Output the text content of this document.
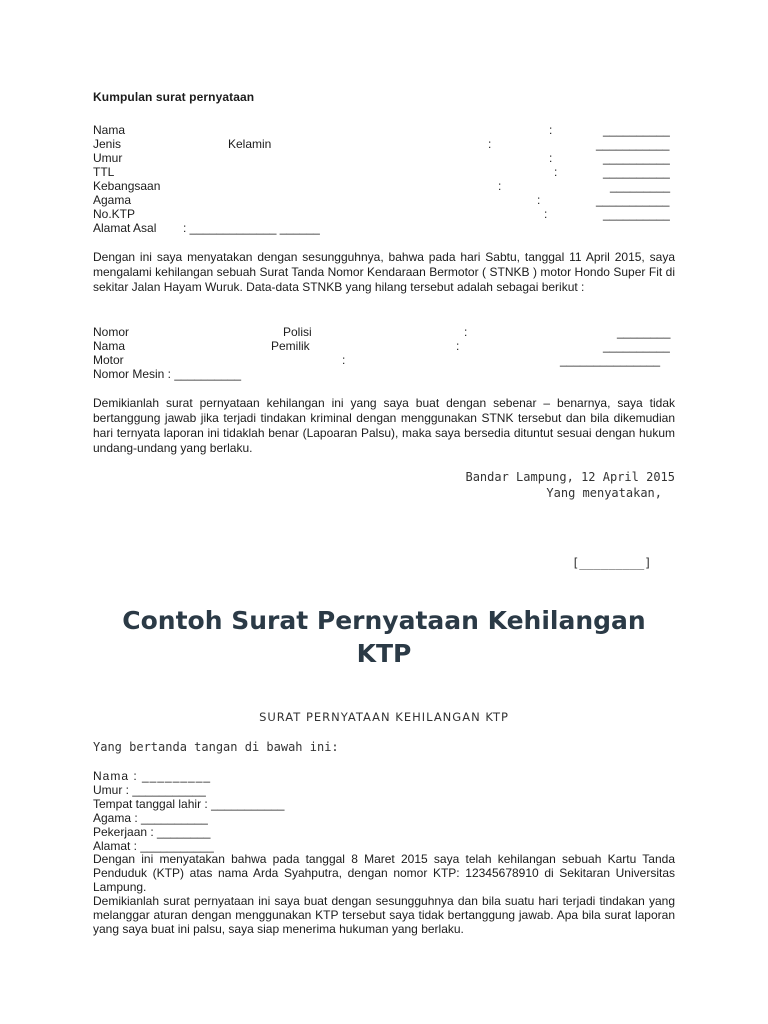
Kumpulan surat pernyataan
Nama	:	__________
Jenis	Kelamin	:	___________
Umur	:	__________
TTL	:	__________
Kebangsaan	:	_________
Agama	:	___________
No.KTP	:	__________
Alamat Asal : _____________ ______
Dengan ini saya menyatakan dengan sesungguhnya, bahwa pada hari Sabtu, tanggal 11 April 2015, saya mengalami kehilangan sebuah Surat Tanda Nomor Kendaraan Bermotor ( STNKB ) motor Hondo Super Fit di sekitar Jalan Hayam Wuruk. Data-data STNKB yang hilang tersebut adalah sebagai berikut :
Nomor	Polisi	:	________
Nama	Pemilik	:	__________
Motor	:	_______________
Nomor Mesin : __________
Demikianlah surat pernyataan kehilangan ini yang saya buat dengan sebenar – benarnya, saya tidak bertanggung jawab jika terjadi tindakan kriminal dengan menggunakan STNK tersebut dan bila dikemudian hari ternyata laporan ini tidaklah benar (Lapoaran Palsu), maka saya bersedia dituntut sesuai dengan hukum undang-undang yang berlaku.
Bandar Lampung, 12 April 2015
Yang menyatakan,
[_________]
Contoh Surat Pernyataan Kehilangan
KTP
SURAT PERNYATAAN KEHILANGAN KTP
Yang bertanda tangan di bawah ini:
Nama : _________
Umur : ___________
Tempat tanggal lahir : ___________
Agama : __________
Pekerjaan : ________
Alamat : ___________
Dengan ini menyatakan bahwa pada tanggal 8 Maret 2015 saya telah kehilangan sebuah Kartu Tanda Penduduk (KTP) atas nama Arda Syahputra, dengan nomor KTP: 12345678910 di Sekitaran Universitas Lampung.
Demikianlah surat pernyataan ini saya buat dengan sesungguhnya dan bila suatu hari terjadi tindakan yang melanggar aturan dengan menggunakan KTP tersebut saya tidak bertanggung jawab. Apa bila surat laporan yang saya buat ini palsu, saya siap menerima hukuman yang berlaku.
